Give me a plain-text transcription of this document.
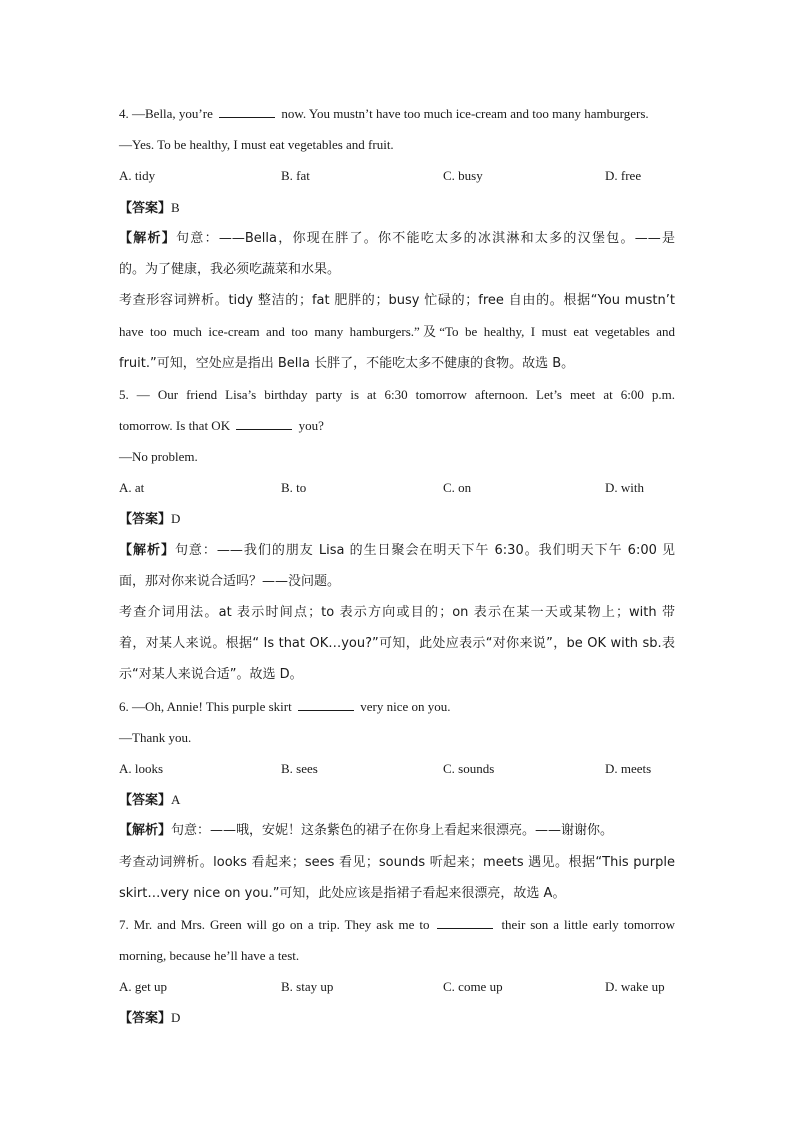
4. —Bella, you’re	now. You mustn’t have too much ice-cream and too many hamburgers.
—Yes. To be healthy, I must eat vegetables and fruit.
A. tidy	B. fat	C. busy	D. free
【答案】B
【解析】句意：——Bella，你现在胖了。你不能吃太多的冰淇淋和太多的汉堡包。——是
的。为了健康，我必须吃蔬菜和水果。
考查形容词辨析。tidy 整洁的；fat 肥胖的；busy 忙碌的；free 自由的。根据“You mustn’t
have too much ice-cream and too many hamburgers.”及“To be healthy, I must eat vegetables and
fruit.”可知，空处应是指出 Bella 长胖了，不能吃太多不健康的食物。故选 B。
5. — Our friend Lisa’s birthday party is at 6:30 tomorrow afternoon. Let’s meet at 6:00 p.m.
tomorrow. Is that OK	you?
—No problem.
A. at	B. to	C. on	D. with
【答案】D
【解析】句意：——我们的朋友 Lisa 的生日聚会在明天下午 6:30。我们明天下午 6:00 见
面，那对你来说合适吗？——没问题。
考查介词用法。at 表示时间点；to 表示方向或目的；on 表示在某一天或某物上；with 带
着，对某人来说。根据“ Is that OK…you?”可知，此处应表示“对你来说”，be OK with sb.表
示“对某人来说合适”。故选 D。
6. —Oh, Annie! This purple skirt	very nice on you.
—Thank you.
A. looks	B. sees	C. sounds	D. meets
【答案】A
【解析】句意：——哦，安妮！这条紫色的裙子在你身上看起来很漂亮。——谢谢你。
考查动词辨析。looks 看起来；sees 看见；sounds 听起来；meets 遇见。根据“This purple
skirt…very nice on you.”可知，此处应该是指裙子看起来很漂亮，故选 A。
7. Mr. and Mrs. Green will go on a trip. They ask me to	their son a little early tomorrow
morning, because he’ll have a test.
A. get up	B. stay up	C. come up	D. wake up
【答案】D
